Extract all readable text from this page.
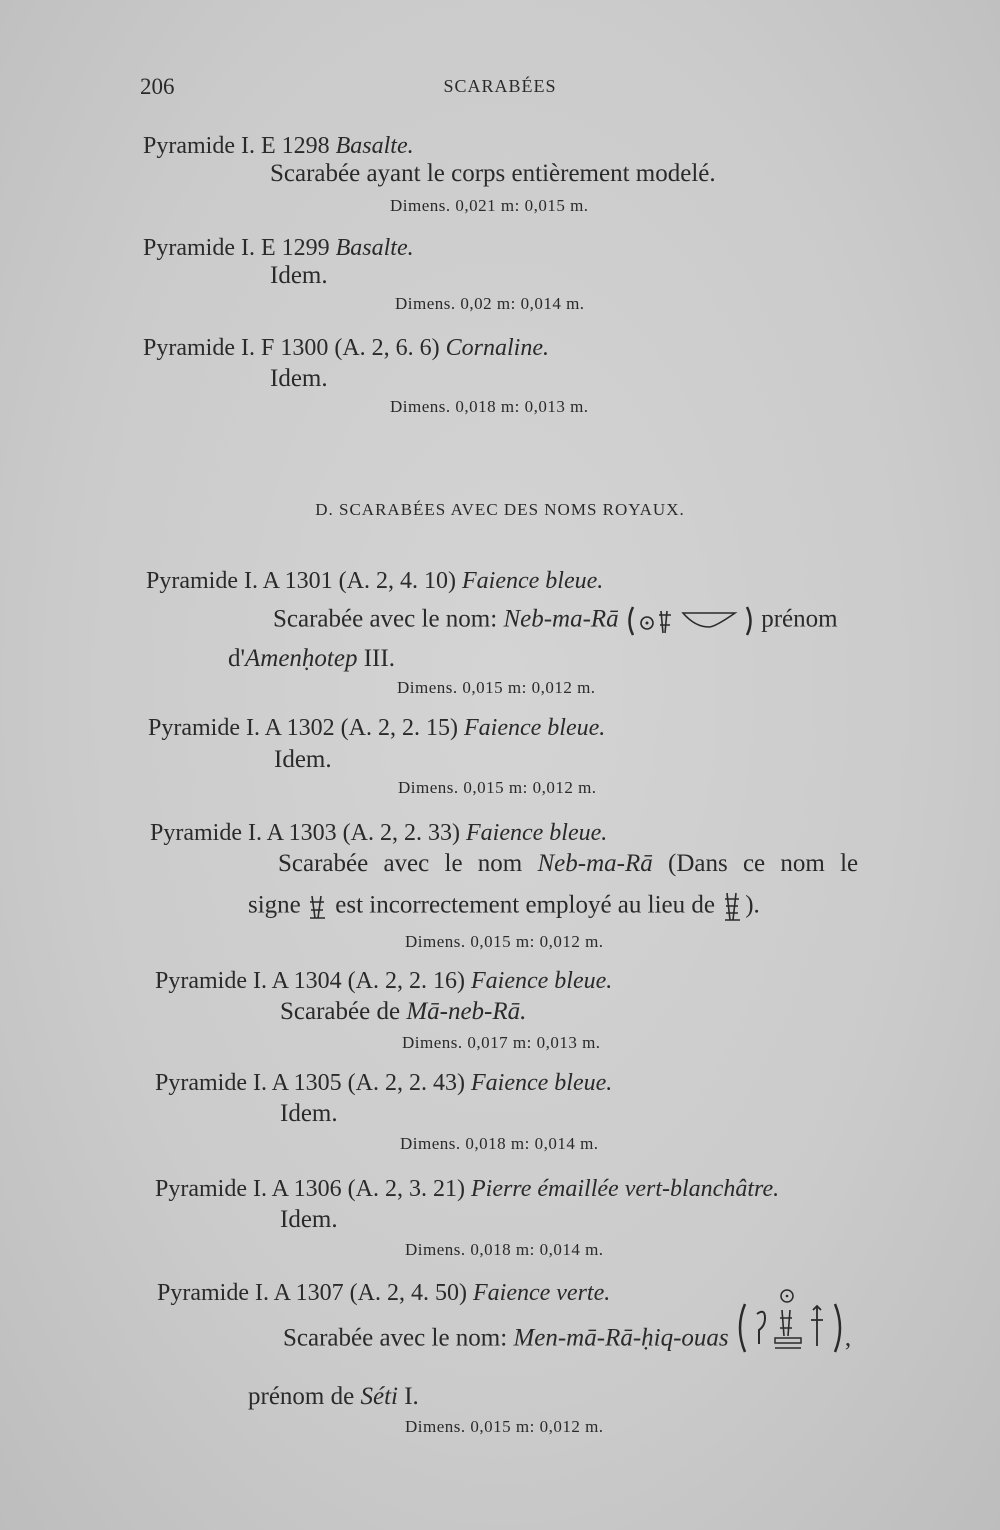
206	SCARABÉES
Pyramide I. E 1298 Basalte.
Scarabée ayant le corps entièrement modelé.
Dimens. 0,021 m: 0,015 m.
Pyramide I. E 1299 Basalte.
Idem.
Dimens. 0,02 m: 0,014 m.
Pyramide I. F 1300 (A. 2, 6. 6) Cornaline.
Idem.
Dimens. 0,018 m: 0,013 m.
D. SCARABÉES AVEC DES NOMS ROYAUX.
Pyramide I. A 1301 (A. 2, 4. 10) Faience bleue.
Scarabée avec le nom: Neb-ma-Rā	prénom
d'Amenḥotep III.
Dimens. 0,015 m: 0,012 m.
Pyramide I. A 1302 (A. 2, 2. 15) Faience bleue.
Idem.
Dimens. 0,015 m: 0,012 m.
Pyramide I. A 1303 (A. 2, 2. 33) Faience bleue.
Scarabée avec le nom Neb-ma-Rā (Dans ce nom le
signe est incorrectement employé au lieu de ).
Dimens. 0,015 m: 0,012 m.
Pyramide I. A 1304 (A. 2, 2. 16) Faience bleue.
Scarabée de Mā-neb-Rā.
Dimens. 0,017 m: 0,013 m.
Pyramide I. A 1305 (A. 2, 2. 43) Faience bleue.
Idem.
Dimens. 0,018 m: 0,014 m.
Pyramide I. A 1306 (A. 2, 3. 21) Pierre émaillée vert-blanchâtre.
Idem.
Dimens. 0,018 m: 0,014 m.
Pyramide I. A 1307 (A. 2, 4. 50) Faience verte.
Scarabée avec le nom: Men-mā-Rā-ḥiq-ouas	,
prénom de Séti I.
Dimens. 0,015 m: 0,012 m.
